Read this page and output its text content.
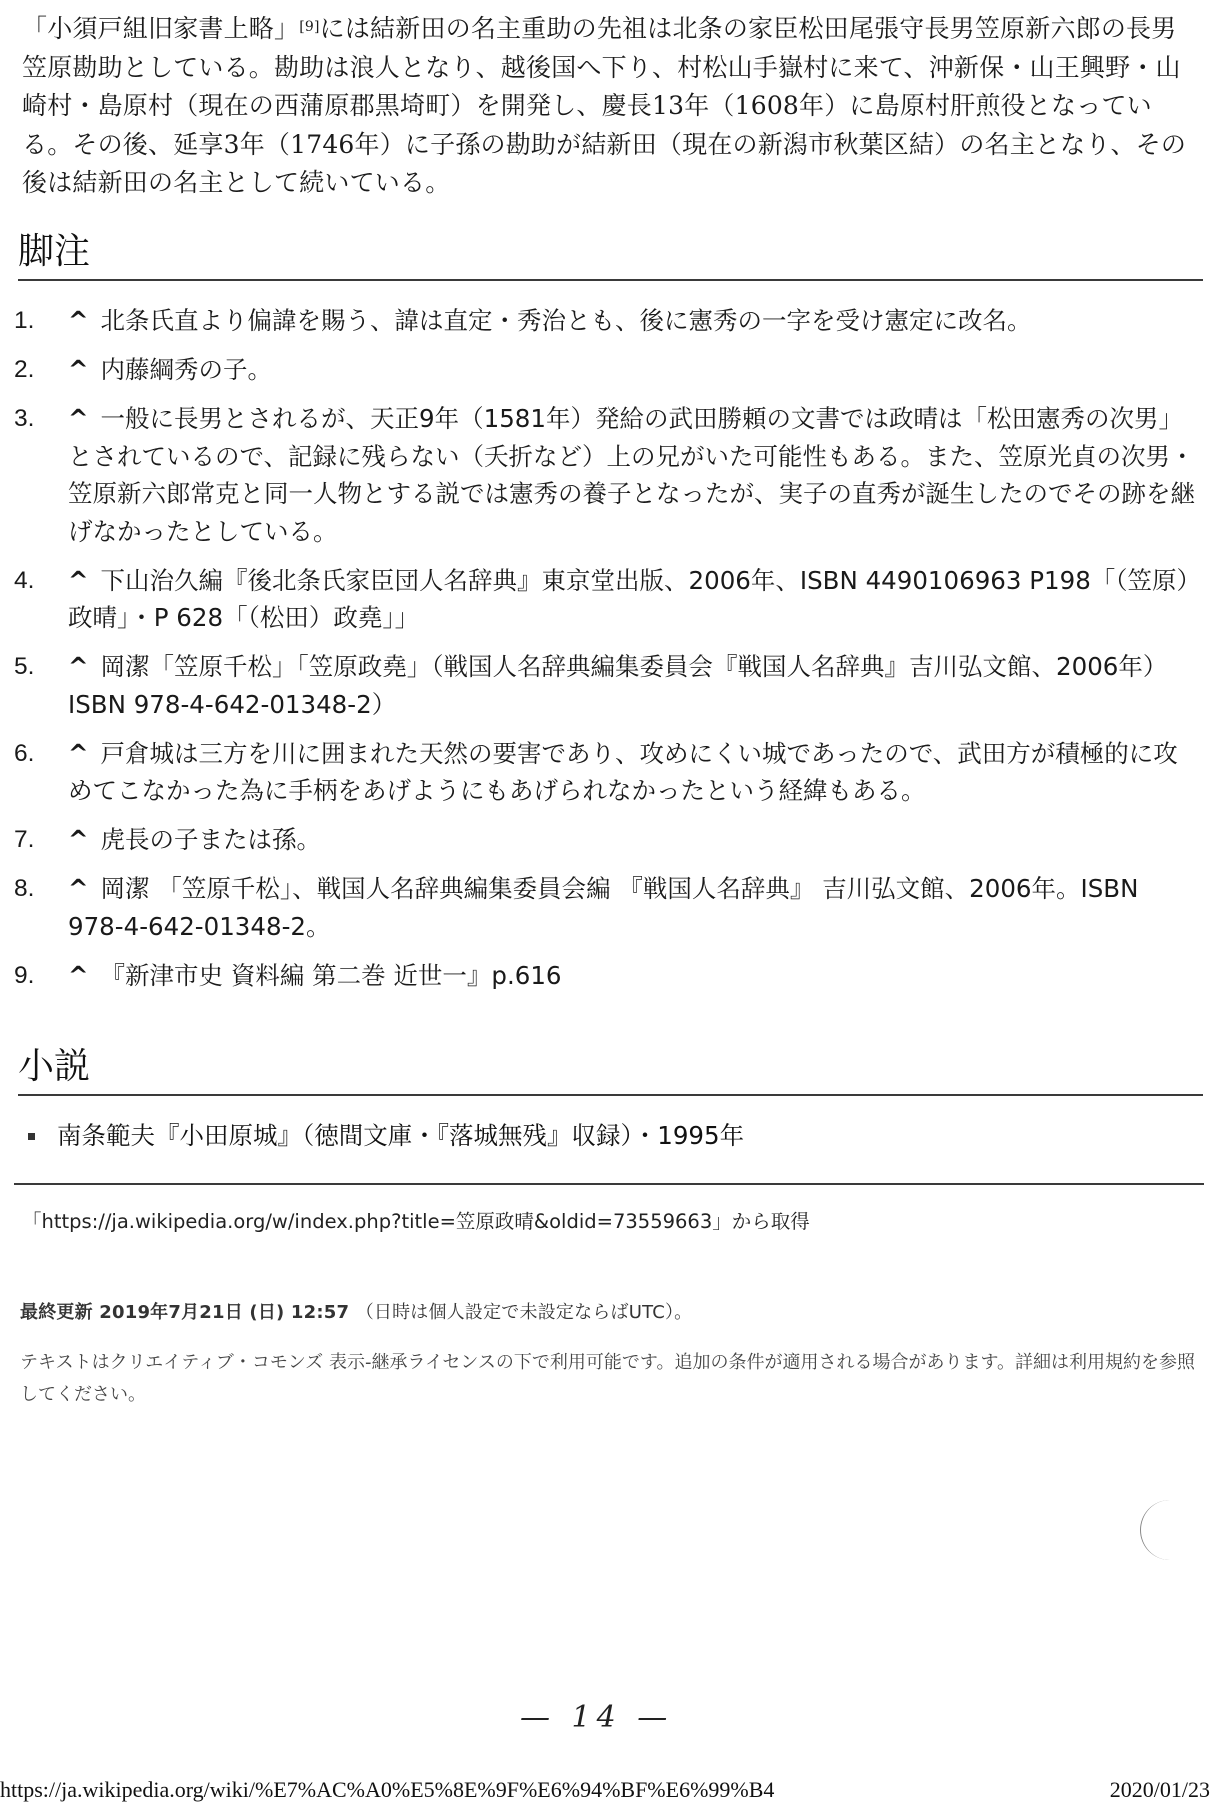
「小須戸組旧家書上略」[9]には結新田の名主重助の先祖は北条の家臣松田尾張守長男笠原新六郎の長男笠原勘助としている。勘助は浪人となり、越後国へ下り、村松山手嶽村に来て、沖新保・山王興野・山崎村・島原村（現在の西蒲原郡黒埼町）を開発し、慶長13年（1608年）に島原村肝煎役となっている。その後、延享3年（1746年）に子孫の勘助が結新田（現在の新潟市秋葉区結）の名主となり、その後は結新田の名主として続いている。
脚注
1.	^ 北条氏直より偏諱を賜う、諱は直定・秀治とも、後に憲秀の一字を受け憲定に改名。
2.	^ 内藤綱秀の子。
3.	^ 一般に長男とされるが、天正9年（1581年）発給の武田勝頼の文書では政晴は「松田憲秀の次男」とされているので、記録に残らない（夭折など）上の兄がいた可能性もある。また、笠原光貞の次男・笠原新六郎常克と同一人物とする説では憲秀の養子となったが、実子の直秀が誕生したのでその跡を継げなかったとしている。
4.	^ 下山治久編『後北条氏家臣団人名辞典』東京堂出版、2006年、ISBN 4490106963 P198「（笠原）政晴」・P 628「（松田）政堯」」
5.	^ 岡潔「笠原千松」「笠原政堯」（戦国人名辞典編集委員会『戦国人名辞典』吉川弘文館、2006年） ISBN 978-4-642-01348-2）
6.	^ 戸倉城は三方を川に囲まれた天然の要害であり、攻めにくい城であったので、武田方が積極的に攻めてこなかった為に手柄をあげようにもあげられなかったという経緯もある。
7.	^ 虎長の子または孫。
8.	^ 岡潔 「笠原千松」、戦国人名辞典編集委員会編 『戦国人名辞典』 吉川弘文館、2006年。ISBN 978-4-642-01348-2。
9.	^ 『新津市史 資料編 第二巻 近世一』p.616
小説
南条範夫『小田原城』（徳間文庫・『落城無残』収録）・1995年
「https://ja.wikipedia.org/w/index.php?title=笠原政晴&oldid=73559663」から取得
最終更新 2019年7月21日 (日) 12:57 （日時は個人設定で未設定ならばUTC）。
テキストはクリエイティブ・コモンズ 表示-継承ライセンスの下で利用可能です。追加の条件が適用される場合があります。詳細は利用規約を参照してください。
— 14 —
https://ja.wikipedia.org/wiki/%E7%AC%A0%E5%8E%9F%E6%94%BF%E6%99%B4	2020/01/23
